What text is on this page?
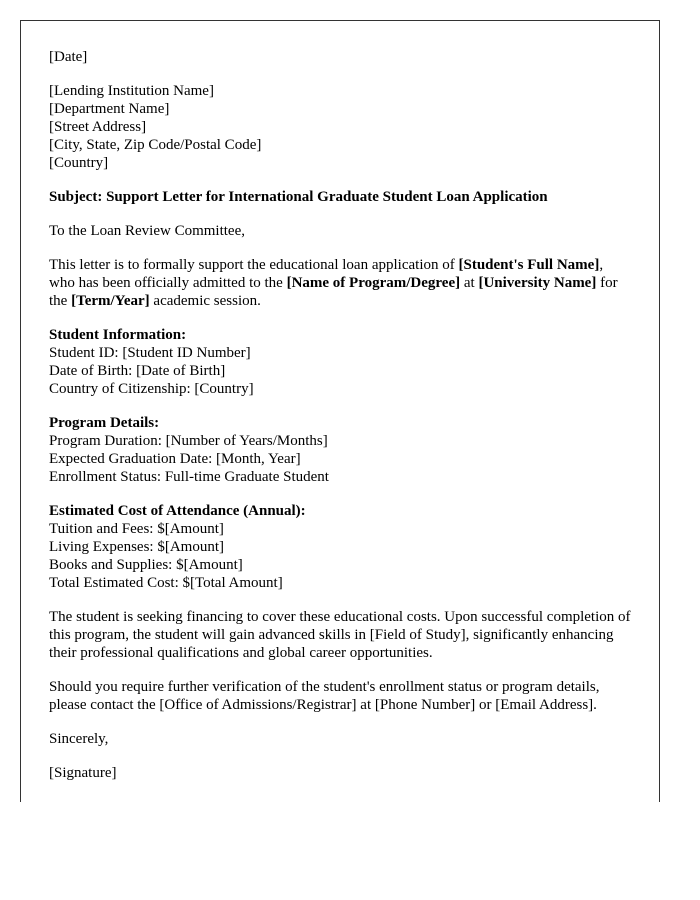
[Date]

[Lending Institution Name]
[Department Name]
[Street Address]
[City, State, Zip Code/Postal Code]
[Country]

Subject: Support Letter for International Graduate Student Loan Application

To the Loan Review Committee,

This letter is to formally support the educational loan application of [Student's Full Name], who has been officially admitted to the [Name of Program/Degree] at [University Name] for the [Term/Year] academic session.

Student Information:
Student ID: [Student ID Number]
Date of Birth: [Date of Birth]
Country of Citizenship: [Country]

Program Details:
Program Duration: [Number of Years/Months]
Expected Graduation Date: [Month, Year]
Enrollment Status: Full-time Graduate Student

Estimated Cost of Attendance (Annual):
Tuition and Fees: $[Amount]
Living Expenses: $[Amount]
Books and Supplies: $[Amount]
Total Estimated Cost: $[Total Amount]

The student is seeking financing to cover these educational costs. Upon successful completion of this program, the student will gain advanced skills in [Field of Study], significantly enhancing their professional qualifications and global career opportunities.

Should you require further verification of the student's enrollment status or program details, please contact the [Office of Admissions/Registrar] at [Phone Number] or [Email Address].

Sincerely,

[Signature]
